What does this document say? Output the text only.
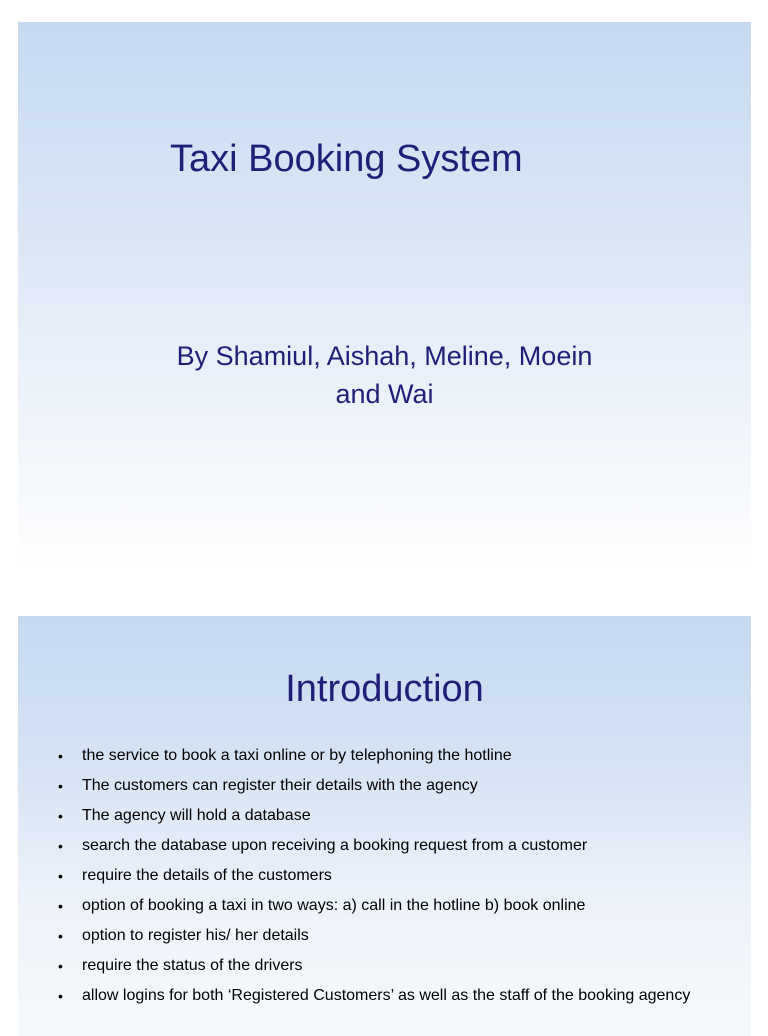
Taxi Booking System
By Shamiul, Aishah, Meline, Moein
and Wai
Introduction
• the service to book a taxi online or by telephoning the hotline
• The customers can register their details with the agency
• The agency will hold a database
• search the database upon receiving a booking request from a customer
• require the details of the customers
• option of booking a taxi in two ways: a) call in the hotline b) book online
• option to register his/ her details
• require the status of the drivers
• allow logins for both ‘Registered Customers’ as well as the staff of the booking agency
